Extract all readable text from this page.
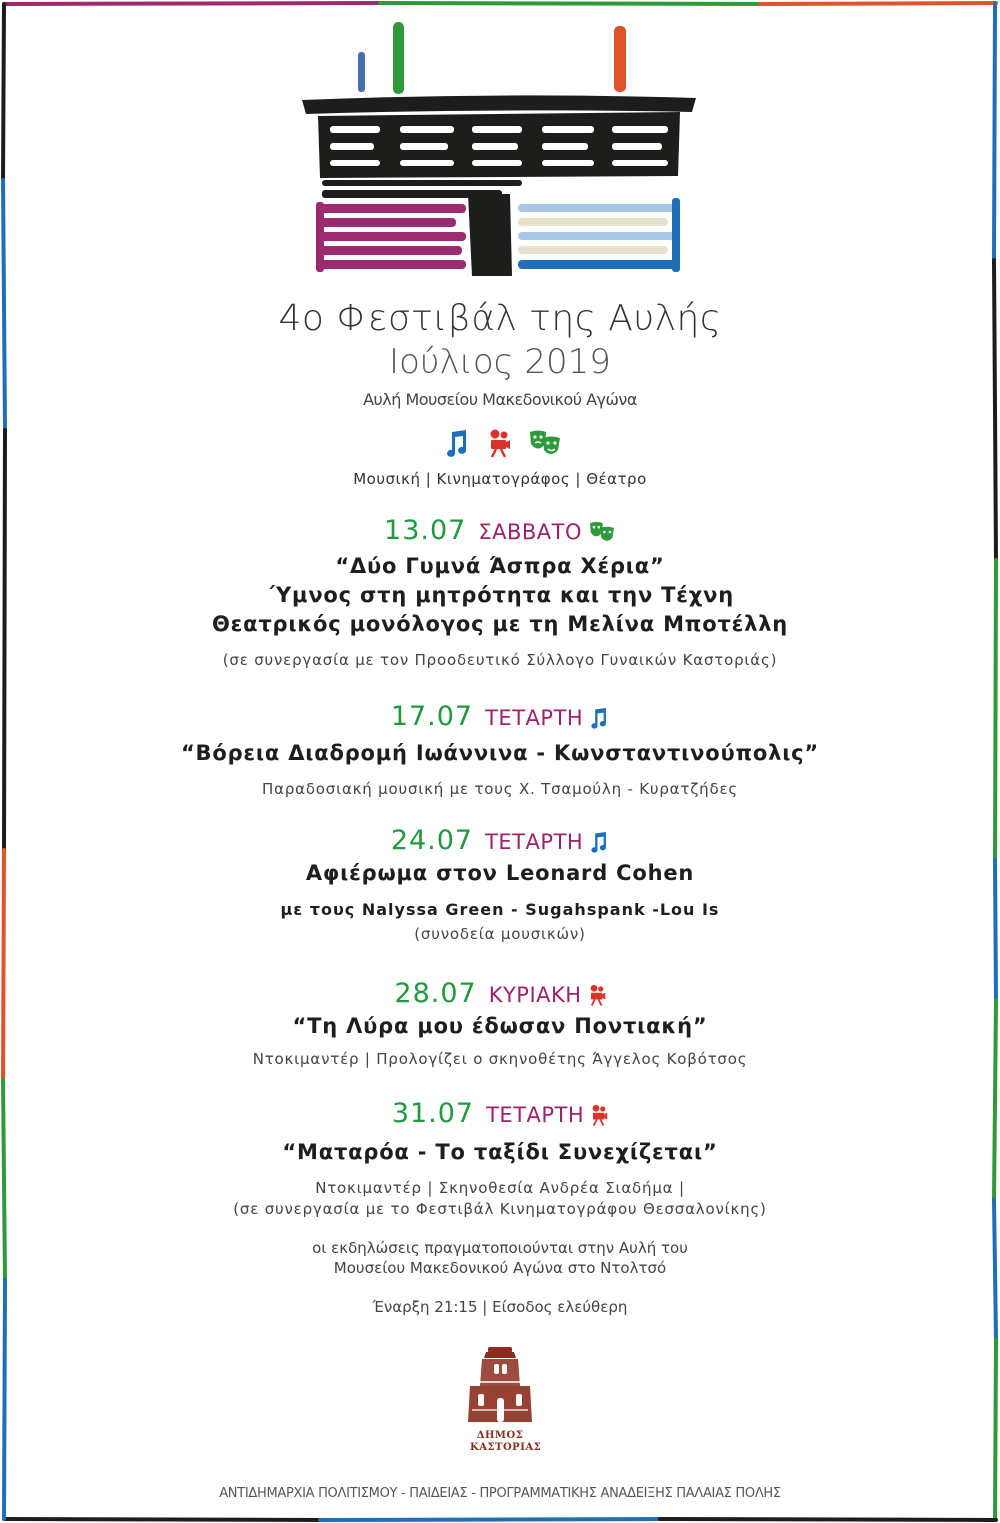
4ο Φεστιβάλ της Αυλής
Ιούλιος 2019
Αυλή Μουσείου Μακεδονικού Αγώνα

Μουσική | Κινηματογράφος | Θέατρο
13.07 ΣΑΒΒΑΤΟ
“Δύο Γυμνά Άσπρα Χέρια”
΄Υμνος στη μητρότητα και την Τέχνη
Θεατρικός μονόλογος με τη Μελίνα Μποτέλλη
(σε συνεργασία με τον Προοδευτικό Σύλλογο Γυναικών Καστοριάς)
17.07 ΤΕΤΑΡΤΗ
“Βόρεια Διαδρομή Ιωάννινα - Κωνσταντινούπολις”
Παραδοσιακή μουσική με τους Χ. Τσαμούλη - Κυρατζήδες
24.07 ΤΕΤΑΡΤΗ
Αφιέρωμα στον Leonard Cohen
με τους Nalyssa Green - Sugahspank -Lou Is
(συνοδεία μουσικών)
28.07 ΚΥΡΙΑΚΗ
“Τη Λύρα μου έδωσαν Ποντιακή”
Ντοκιμαντέρ | Προλογίζει ο σκηνοθέτης Άγγελος Κοβότσος
31.07 ΤΕΤΑΡΤΗ
“Ματαρόα - Το ταξίδι Συνεχίζεται”
Ντοκιμαντέρ | Σκηνοθεσία Ανδρέα Σιαδήμα |
(σε συνεργασία με το Φεστιβάλ Κινηματογράφου Θεσσαλονίκης)
οι εκδηλώσεις πραγματοποιούνται στην Αυλή του
Μουσείου Μακεδονικού Αγώνα στο Ντολτσό
Έναρξη 21:15 | Είσοδος ελεύθερη
ΔΗΜΟΣ ΚΑΣΤΟΡΙΑΣ
ΑΝΤΙΔΗΜΑΡΧΙΑ ΠΟΛΙΤΙΣΜΟΥ - ΠΑΙΔΕΙΑΣ - ΠΡΟΓΡΑΜΜΑΤΙΚΗΣ ΑΝΑΔΕΙΞΗΣ ΠΑΛΑΙΑΣ ΠΟΛΗΣ
